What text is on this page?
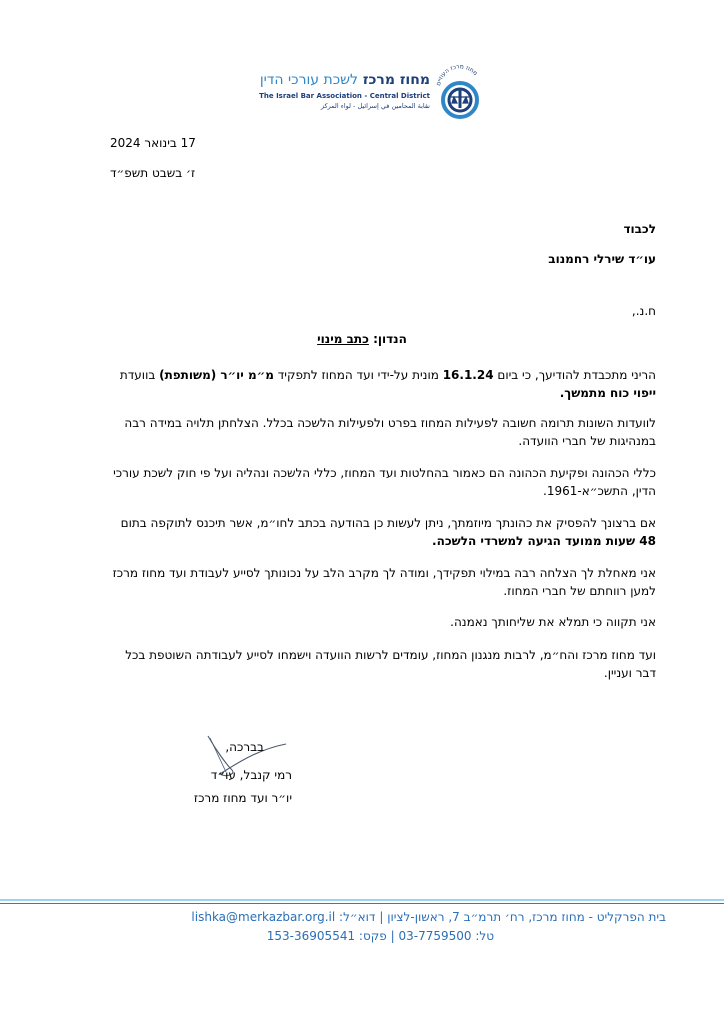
מחוז מרכז העוזיים
מחוז מרכז לשכת עורכי הדין
The Israel Bar Association - Central District
نقابة المحامين في إسرائيل - لواء المركز
17 בינואר 2024
ז׳ בשבט תשפ״ד
לכבוד
עו״ד שירלי רחמנוב
ח.נ.,
הנדון: כתב מינוי
הריני מתכבדת להודיעך, כי ביום 16.1.24 מונית על-ידי ועד המחוז לתפקיד מ״מ יו״ר (משותפת) בוועדת ייפוי כוח מתמשך.
לוועדות השונות תרומה חשובה לפעילות המחוז בפרט ולפעילות הלשכה בכלל. הצלחתן תלויה במידה רבה במנהיגות של חברי הוועדה.
כללי הכהונה ופקיעת הכהונה הם כאמור בהחלטות ועד המחוז, כללי הלשכה ונהליה ועל פי חוק לשכת עורכי הדין, התשכ״א-1961.
אם ברצונך להפסיק את כהונתך מיוזמתך, ניתן לעשות כן בהודעה בכתב לחו״מ, אשר תיכנס לתוקפה בתום 48 שעות ממועד הגיעה למשרדי הלשכה.
אני מאחלת לך הצלחה רבה במילוי תפקידך, ומודה לך מקרב הלב על נכונותך לסייע לעבודת ועד מחוז מרכז למען רווחתם של חברי המחוז.
אני תקווה כי תמלא את שליחותך נאמנה.
ועד מחוז מרכז והח״מ, לרבות מנגנון המחוז, עומדים לרשות הוועדה וישמחו לסייע לעבודתה השוטפת בכל דבר ועניין.
בברכה,
רמי קנבל, עו״ד
יו״ר ועד מחוז מרכז
בית הפרקליט - מחוז מרכז, רח׳ תרמ״ב 7, ראשון-לציון | דוא״ל: lishka@merkazbar.org.il
טל: 03-7759500 | פקס: 153-36905541
